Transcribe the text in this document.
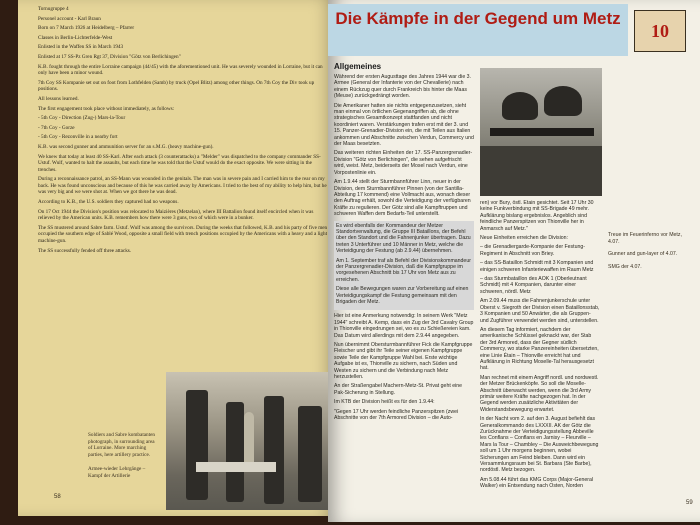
Tornugruppe 4

Personel account - Karl Braun

Born on 7 March 1926 at Heidelberg – Pfarrer

Classes in Berlin-Lichterfelde-West

Enlisted in the Waffen SS in March 1943

Enlisted at 17 SS-Pz Gren Rgt 37, Division "Götz von Berlichingen"

K.B. fought through the entire Lorraine campaign (44/45) with the aforementioned unit. He was severely wounded in Lorraine, but it can only have been a minor wound.

7th Coy SS Kompanie set out on foot from Lothfelden (Samb) by truck (Opel Blitz) among other things. On 7th Coy the Div took up positions.

All lessons learned.

The first engagement took place without immediately, as follows:

- 5th Coy - Direction (Zug-) Mars-la-Tour

- 7th Coy - Gorze

- 5th Coy - Rezonville in a nearby fort

K.B. was second gunner and ammunition server for an s.M.G. (heavy machine-gun).

We knew that today at least 40 SS-Karl. After each attack (3 counterattacks) a "Melder" was dispatched to the company commander SS-Ustuf. Wulf, wanted to halt the assaults, but each time he was told that the Ustuf would do the exact opposite. We were sitting in the trenches.

During a reconnaissance patrol, an SS-Mann was wounded in the genitals. The man was in severe pain and I carried him to the rear on my back. He was found unconscious and because of this he was carried away by Americans. I tried to the best of my ability to help him, but he was very big and we were shot at. When we got there he was dead.

According to K.B., the U.S. soldiers they captured had no weapons.

On 17 Oct 1944 the Division's position was relocated to Maizières (Metzelan), where III Battalion found itself encircled when it was relieved by the American units. K.B. remembers how there were 3 guns, two of which were in a bunker.

The SS mustered around Sabre farm. Ustuf. Wulf was among the survivors. During the weeks that followed, K.B. and his party of five men occupied the southern edge of Sablé Wood, opposite a small field with trench positions occupied by the Americans with a heavy and a light machine-gun.

The SS successfully fended off three attacks.

Soldiers and Sabre kombatanten photograph, in surrounding area of Lorraine. More marching parties, here artillery practice.

Armee-wieder Lehrgänge – Kampf der Artillerie

58
Die Kämpfe in der Gegend um Metz
10
Allgemeines

Während der ersten Augusttage des Jahres 1944 war die 3. Armee (General der Infanterie von der Chevallerie) nach einem Rückzug quer durch Frankreich bis hinter die Maas (Meuse) zurückgedrängt worden.

Die Amerikaner hatten sie nichts entgegenzusetzen, sieht man einmal von örtlichen Gegenangriffen ab, die ohne strategisches Gesamtkonzept stattfanden und nicht koordiniert waren. Verstärkungen trafen erst mit der 3. und 15. Panzer-Grenadier-Division ein, die mit Teilen aus Italien ankommen und Abschnitte zwischen Verdun, Commercy und der Maas besetzten.

Das weiteren richten Einheiten der 17. SS-Panzergrenadier-Division "Götz von Berlichingen", die sehen aufgefrischt wird, weist. Metz, beiderseits der Mosel nach Verdun, eine Vorpostenlinie ein.

Am 1.9.44 stellt der Sturmbannführer Linn, neuer in der Division, dem Sturmbannführer Pinnen (von der Santilla-Abteilung 17 kommend) eine Vollmacht aus, wonach dieser den Auftrag erhält, sowohl die Verteidigung der verfügbaren Kräfte zu regulieren. Der Götz sind alle Kampftruppen und schweren Waffen dem Bedarfs-Teil unterstellt.

Es wird ebenfalls der Kommandeur der Metzer Standortverwaltung, die Gruppe III Bataillons, der Befehl über den Standort und die Fahnenjunker übertragen. Dazu treten 3 Unterführer und 10 Männer in Metz, welche die Verteidigung der Festung (ab 2.9.44) übernehmen.

Am 1. September traf als Befehl der Divisionskommandeur der Panzergrenadier-Division, daß die Kampfgruppe im vorgesehenen Abschnitt bis 17 Uhr von Metz aus zu erreichen.

Diese alle Bewegungen waren zur Vorbereitung auf einen Verteidigungskampf die Festung gemeinsam mit den Brigaden der Metz.

Hier ist eine Anmerkung notwendig: In seinem Werk "Metz 1944" schreibt A. Kemp, dass ein Zug der 3rd Cavalry Group in Thionville eingedrungen sei, wo es zu Schießereien kam. Das Datum wird allerdings mit dem 2.9.44 angegeben.

Nun übernimmt Obersturmbannführer Fick die Kampfgruppe Fleischer und gibt ihr Teile seiner eigenen Kampfgruppe sowie Teile der Kampfgruppe Wahl bei. Erste wichtige Aufgabe ist es, Thionville zu sichern, nach Süden und Westen zu sichern und die Verbindung nach Metz herzustellen.

An der Straßengabel Machern-Metz-St. Privat geht eine Pak-Sicherung in Stellung.

Im KTB der Division heißt es für den 1.9.44:

"Gegen 17 Uhr werden feindliche Panzerspitzen (zwei Abschnitte von der 7th Armored Division – die Auto-

Treue im Feuerinferno vor Metz, 4.07.

Gunner and gun-layer of 4.07.

SMG der 4.07.

ren) vor Bury, östl. Etain gesichtet. Seit 17 Uhr 30 keine Funkverbindung mit SS-Brigade 49 mehr. Aufklärung bislang ergebnislos. Angeblich sind feindliche Panzerspitzen von Thionville her in Anmarsch auf Metz."

Neue Einheiten erreichen die Division:

– die Grenadiergarde-Kompanie der Festung-Regiment in Abschnitt von Briey.

– das SS-Bataillon Schmidt mit 3 Kompanien und einigen schweren Infanteriewaffen im Raum Metz

– das Sturmbataillon des AOK 1 (Oberleutnant Schmidt) mit 4 Kompanien, darunter einer schweren, nördl. Metz

Am 2.09.44 muss die Fahnenjunkerschule unter Oberst v. Siegroth der Division einen Bataillonsstab, 3 Kompanien und 50 Anwärter, die als Gruppen- und Zugführer verwendet werden sind, unterstellen.

An diesem Tag informiert, nachdem der amerikanische Schlüssel geknackt war, der Stab der 3rd Armored, dass der Gegner südlich Commercy, wo starke Panzereinheiten übersetzten, eine Linie Étain – Thionville erreicht hat und Aufklärung in Richtung Moselle-Tal herausgesetzt hat.

Man rechnet mit einem Angriff nordl. und nordwestl. der Metzer Brückenköpfe. So soll die Moselle-Abschnitt überwacht werden, wenn die 3rd Army primär weitere Kräfte nachgezogen hat. In der Gegend werden zusätzliche Aktivitäten der Widerstandsbewegung erwartet.

In der Nacht vom 2. auf den 3. August befiehlt das Generalkommando des LXXXII. AK der Götz die Zurücknahme der Verteidigungsstellung Abbeville les Conflans – Conflans en Jarnisy – Fleurville – Mars la Tour – Chambley – Die Ausweichbewegung soll um 1 Uhr morgens beginnen, wobei Sicherungen am Feind bleiben. Dann wird ein Versammlungsraum bei St. Barbara (Ste Barbe), nordöstl. Metz bezogen.

Am 5.08.44 führt das KMG Corps (Major-General Walker) ein Entsendung nach Osten, Norden

59
